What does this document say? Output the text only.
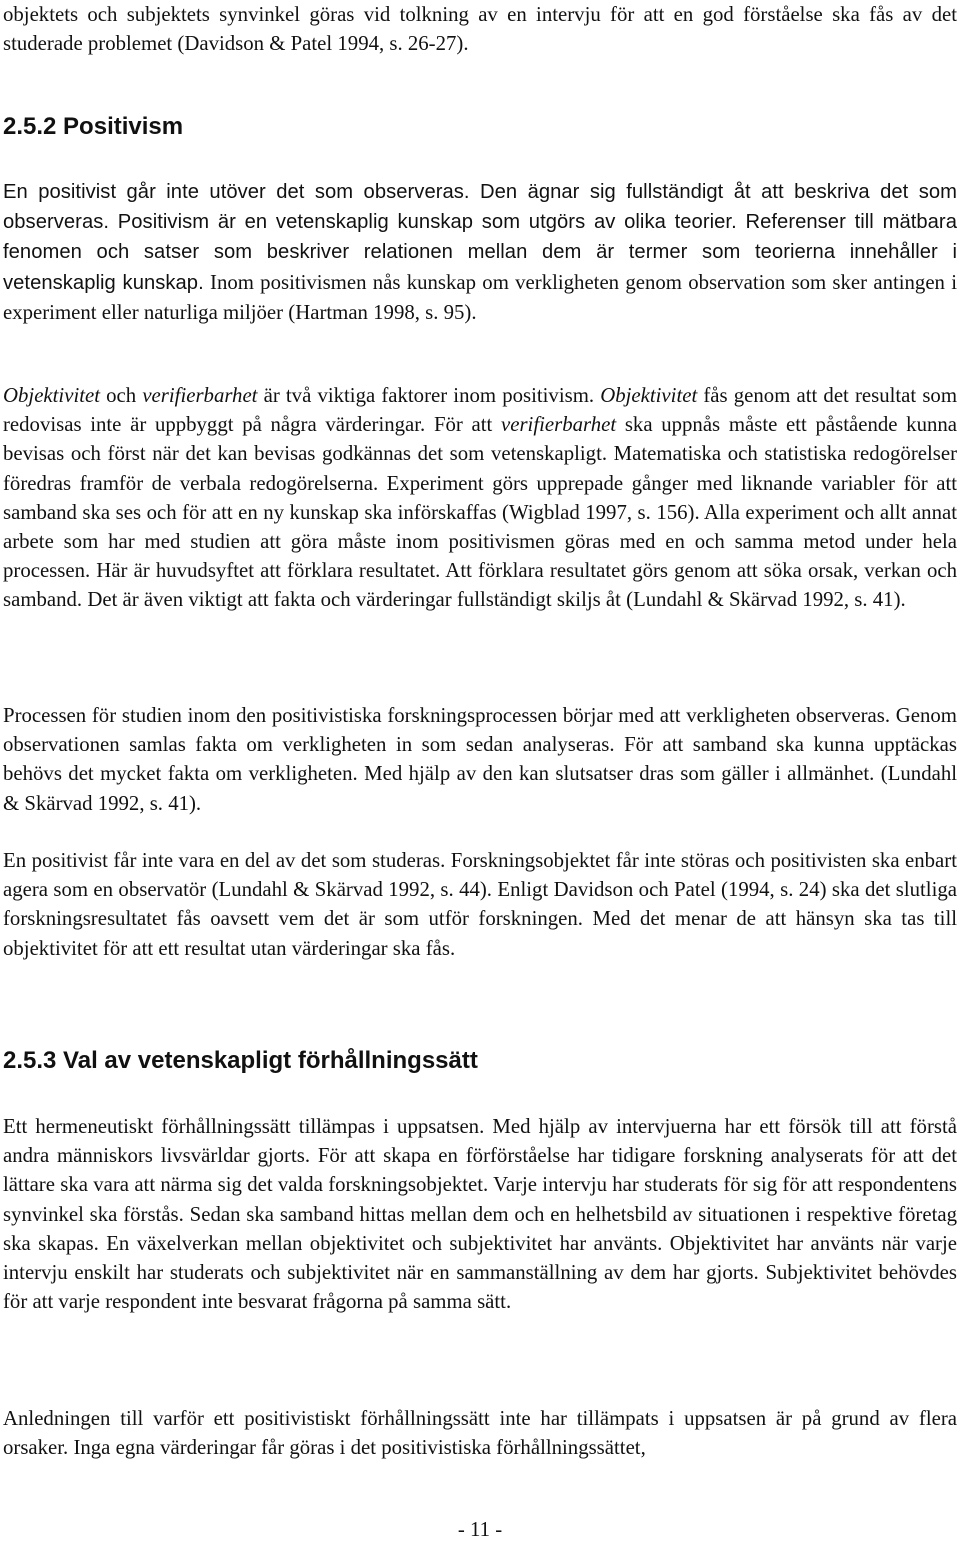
objektets och subjektets synvinkel göras vid tolkning av en intervju för att en god förståelse ska fås av det studerade problemet (Davidson & Patel 1994, s. 26-27).

2.5.2 Positivism

En positivist går inte utöver det som observeras. Den ägnar sig fullständigt åt att beskriva det som observeras. Positivism är en vetenskaplig kunskap som utgörs av olika teorier. Referenser till mätbara fenomen och satser som beskriver relationen mellan dem är termer som teorierna innehåller i vetenskaplig kunskap. Inom positivismen nås kunskap om verkligheten genom observation som sker antingen i experiment eller naturliga miljöer (Hartman 1998, s. 95).

Objektivitet och verifierbarhet är två viktiga faktorer inom positivism. Objektivitet fås genom att det resultat som redovisas inte är uppbyggt på några värderingar. För att verifierbarhet ska uppnås måste ett påstående kunna bevisas och först när det kan bevisas godkännas det som vetenskapligt. Matematiska och statistiska redogörelser föredras framför de verbala redogörelserna. Experiment görs upprepade gånger med liknande variabler för att samband ska ses och för att en ny kunskap ska införskaffas (Wigblad 1997, s. 156). Alla experiment och allt annat arbete som har med studien att göra måste inom positivismen göras med en och samma metod under hela processen. Här är huvudsyftet att förklara resultatet. Att förklara resultatet görs genom att söka orsak, verkan och samband. Det är även viktigt att fakta och värderingar fullständigt skiljs åt (Lundahl & Skärvad 1992, s. 41).

Processen för studien inom den positivistiska forskningsprocessen börjar med att verkligheten observeras. Genom observationen samlas fakta om verkligheten in som sedan analyseras. För att samband ska kunna upptäckas behövs det mycket fakta om verkligheten. Med hjälp av den kan slutsatser dras som gäller i allmänhet. (Lundahl & Skärvad 1992, s. 41).

En positivist får inte vara en del av det som studeras. Forskningsobjektet får inte störas och positivisten ska enbart agera som en observatör (Lundahl & Skärvad 1992, s. 44). Enligt Davidson och Patel (1994, s. 24) ska det slutliga forskningsresultatet fås oavsett vem det är som utför forskningen. Med det menar de att hänsyn ska tas till objektivitet för att ett resultat utan värderingar ska fås.

2.5.3 Val av vetenskapligt förhållningssätt

Ett hermeneutiskt förhållningssätt tillämpas i uppsatsen. Med hjälp av intervjuerna har ett försök till att förstå andra människors livsvärldar gjorts. För att skapa en förförståelse har tidigare forskning analyserats för att det lättare ska vara att närma sig det valda forskningsobjektet. Varje intervju har studerats för sig för att respondentens synvinkel ska förstås. Sedan ska samband hittas mellan dem och en helhetsbild av situationen i respektive företag ska skapas. En växelverkan mellan objektivitet och subjektivitet har använts. Objektivitet har använts när varje intervju enskilt har studerats och subjektivitet när en sammanställning av dem har gjorts. Subjektivitet behövdes för att varje respondent inte besvarat frågorna på samma sätt.

Anledningen till varför ett positivistiskt förhållningssätt inte har tillämpats i uppsatsen är på grund av flera orsaker. Inga egna värderingar får göras i det positivistiska förhållningssättet,

- 11 -
